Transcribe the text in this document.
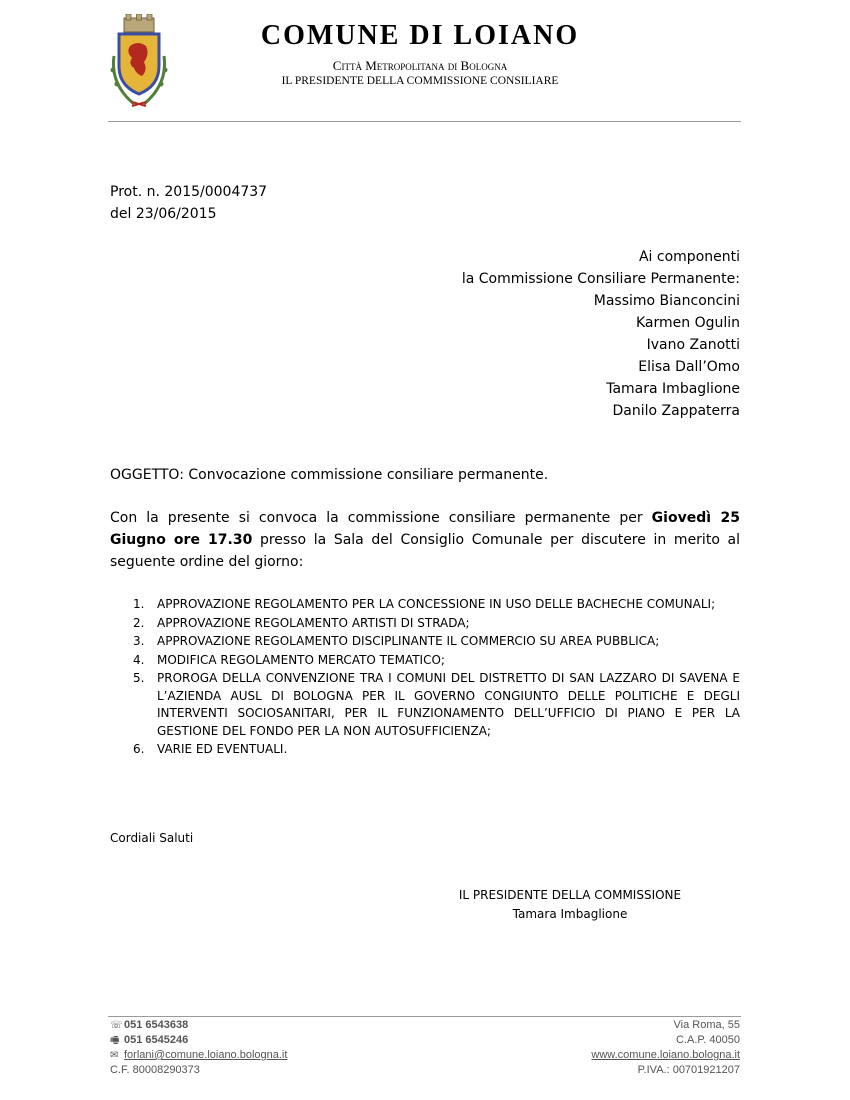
COMUNE DI LOIANO
Città Metropolitana di Bologna
IL PRESIDENTE DELLA COMMISSIONE CONSILIARE
Prot. n. 2015/0004737
del 23/06/2015
Ai componenti
la Commissione Consiliare Permanente:
Massimo Bianconcini
Karmen Ogulin
Ivano Zanotti
Elisa Dall’Omo
Tamara Imbaglione
Danilo Zappaterra
OGGETTO: Convocazione commissione consiliare permanente.
Con la presente si convoca la commissione consiliare permanente per Giovedì 25 Giugno ore 17.30 presso la Sala del Consiglio Comunale per discutere in merito al seguente ordine del giorno:
1. APPROVAZIONE REGOLAMENTO PER LA CONCESSIONE IN USO DELLE BACHECHE COMUNALI;
2. APPROVAZIONE REGOLAMENTO ARTISTI DI STRADA;
3. APPROVAZIONE REGOLAMENTO DISCIPLINANTE IL COMMERCIO SU AREA PUBBLICA;
4. MODIFICA REGOLAMENTO MERCATO TEMATICO;
5. PROROGA DELLA CONVENZIONE TRA I COMUNI DEL DISTRETTO DI SAN LAZZARO DI SAVENA E L’AZIENDA AUSL DI BOLOGNA PER IL GOVERNO CONGIUNTO DELLE POLITICHE E DEGLI INTERVENTI SOCIOSANITARI, PER IL FUNZIONAMENTO DELL’UFFICIO DI PIANO E PER LA GESTIONE DEL FONDO PER LA NON AUTOSUFFICIENZA;
6. VARIE ED EVENTUALI.
Cordiali Saluti
IL PRESIDENTE DELLA COMMISSIONE
Tamara Imbaglione
☏051 6543638
🖷 051 6545246
✉ forlani@comune.loiano.bologna.it
C.F. 80008290373
Via Roma, 55
C.A.P. 40050
www.comune.loiano.bologna.it
P.IVA.: 00701921207
